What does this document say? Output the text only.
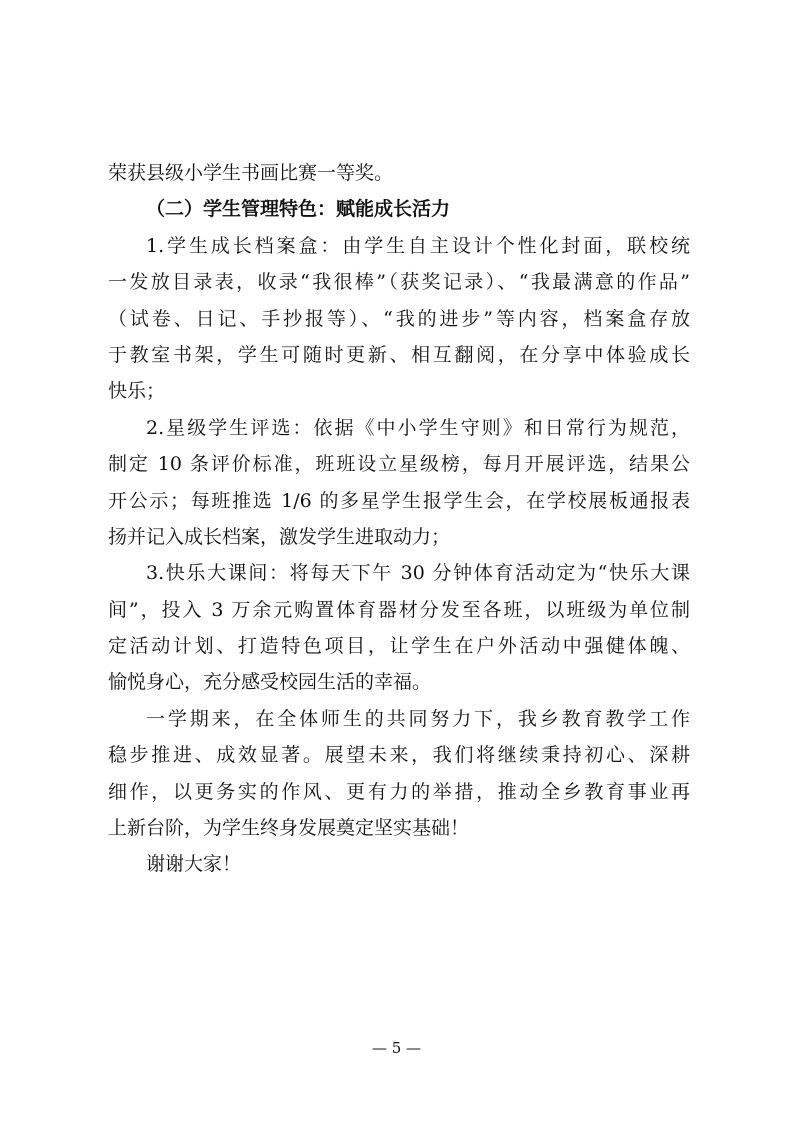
荣获县级小学生书画比赛一等奖。
（二）学生管理特色：赋能成长活力
1.学生成长档案盒：由学生自主设计个性化封面，联校统
一发放目录表，收录“我很棒”（获奖记录）、“我最满意的作品”
（试卷、日记、手抄报等）、“我的进步”等内容，档案盒存放
于教室书架，学生可随时更新、相互翻阅，在分享中体验成长
快乐；
2.星级学生评选：依据《中小学生守则》和日常行为规范，
制定 10 条评价标准，班班设立星级榜，每月开展评选，结果公
开公示；每班推选 1/6 的多星学生报学生会，在学校展板通报表
扬并记入成长档案，激发学生进取动力；
3.快乐大课间：将每天下午 30 分钟体育活动定为“快乐大课
间”，投入 3 万余元购置体育器材分发至各班，以班级为单位制
定活动计划、打造特色项目，让学生在户外活动中强健体魄、
愉悦身心，充分感受校园生活的幸福。
一学期来，在全体师生的共同努力下，我乡教育教学工作
稳步推进、成效显著。展望未来，我们将继续秉持初心、深耕
细作，以更务实的作风、更有力的举措，推动全乡教育事业再
上新台阶，为学生终身发展奠定坚实基础！
谢谢大家！
— 5 —
